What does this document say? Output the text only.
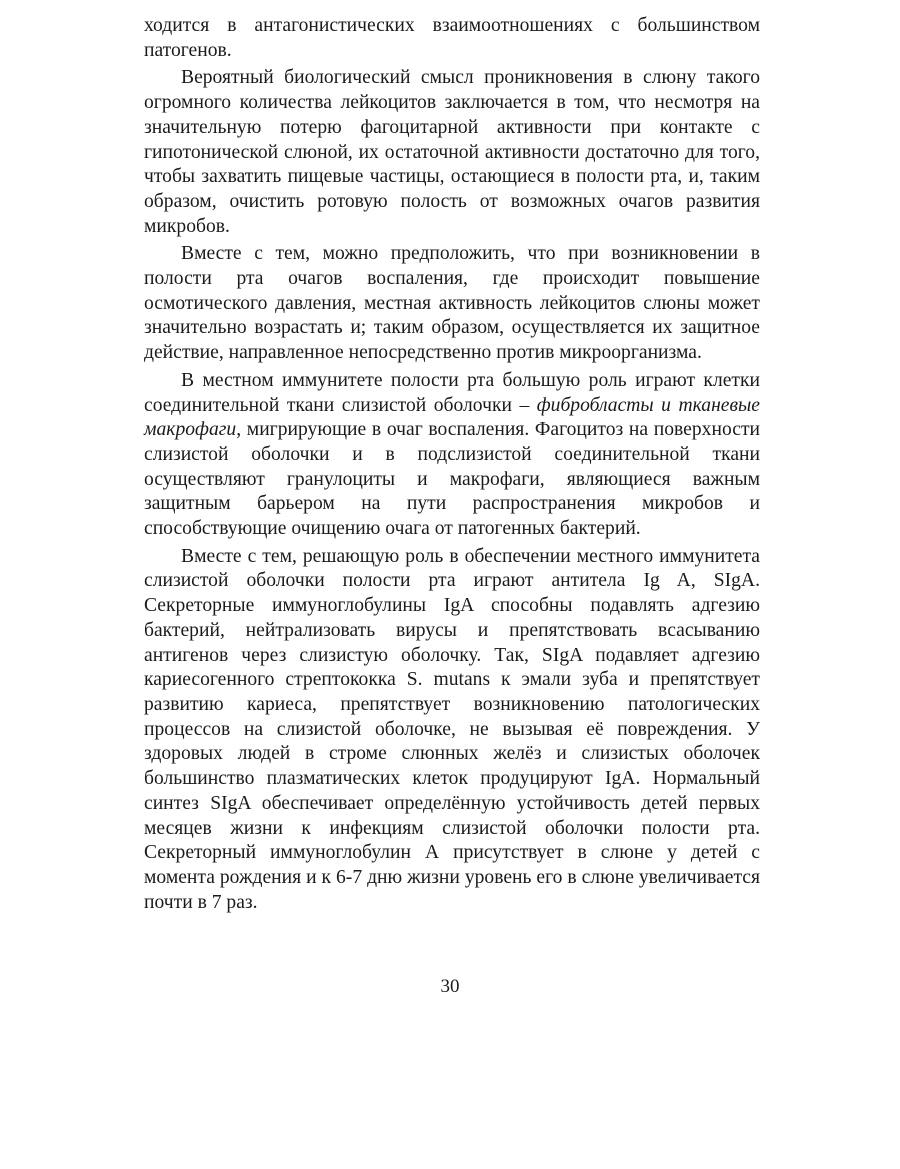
ходится в антагонистических взаимоотношениях с большинством патогенов.

Вероятный биологический смысл проникновения в слюну такого огромного количества лейкоцитов заключается в том, что несмотря на значительную потерю фагоцитарной активности при контакте с гипотонической слюной, их остаточной активности достаточно для того, чтобы захватить пищевые частицы, остающиеся в полости рта, и, таким образом, очистить ротовую полость от возможных очагов развития микробов.

Вместе с тем, можно предположить, что при возникновении в полости рта очагов воспаления, где происходит повышение осмотического давления, местная активность лейкоцитов слюны может значительно возрастать и; таким образом, осуществляется их защитное действие, направленное непосредственно против микроорганизма.

В местном иммунитете полости рта большую роль играют клетки соединительной ткани слизистой оболочки – фибробласты и тканевые макрофаги, мигрирующие в очаг воспаления. Фагоцитоз на поверхности слизистой оболочки и в подслизистой соединительной ткани осуществляют гранулоциты и макрофаги, являющиеся важным защитным барьером на пути распространения микробов и способствующие очищению очага от патогенных бактерий.

Вместе с тем, решающую роль в обеспечении местного иммунитета слизистой оболочки полости рта играют антитела Ig A, SIgA. Секреторные иммуноглобулины IgA способны подавлять адгезию бактерий, нейтрализовать вирусы и препятствовать всасыванию антигенов через слизистую оболочку. Так, SIgA подавляет адгезию кариесогенного стрептококка S. mutans к эмали зуба и препятствует развитию кариеса, препятствует возникновению патологических процессов на слизистой оболочке, не вызывая её повреждения. У здоровых людей в строме слюнных желёз и слизистых оболочек большинство плазматических клеток продуцируют IgA. Нормальный синтез SIgA обеспечивает определённую устойчивость детей первых месяцев жизни к инфекциям слизистой оболочки полости рта. Секреторный иммуноглобулин А присутствует в слюне у детей с момента рождения и к 6-7 дню жизни уровень его в слюне увеличивается почти в 7 раз.

30
